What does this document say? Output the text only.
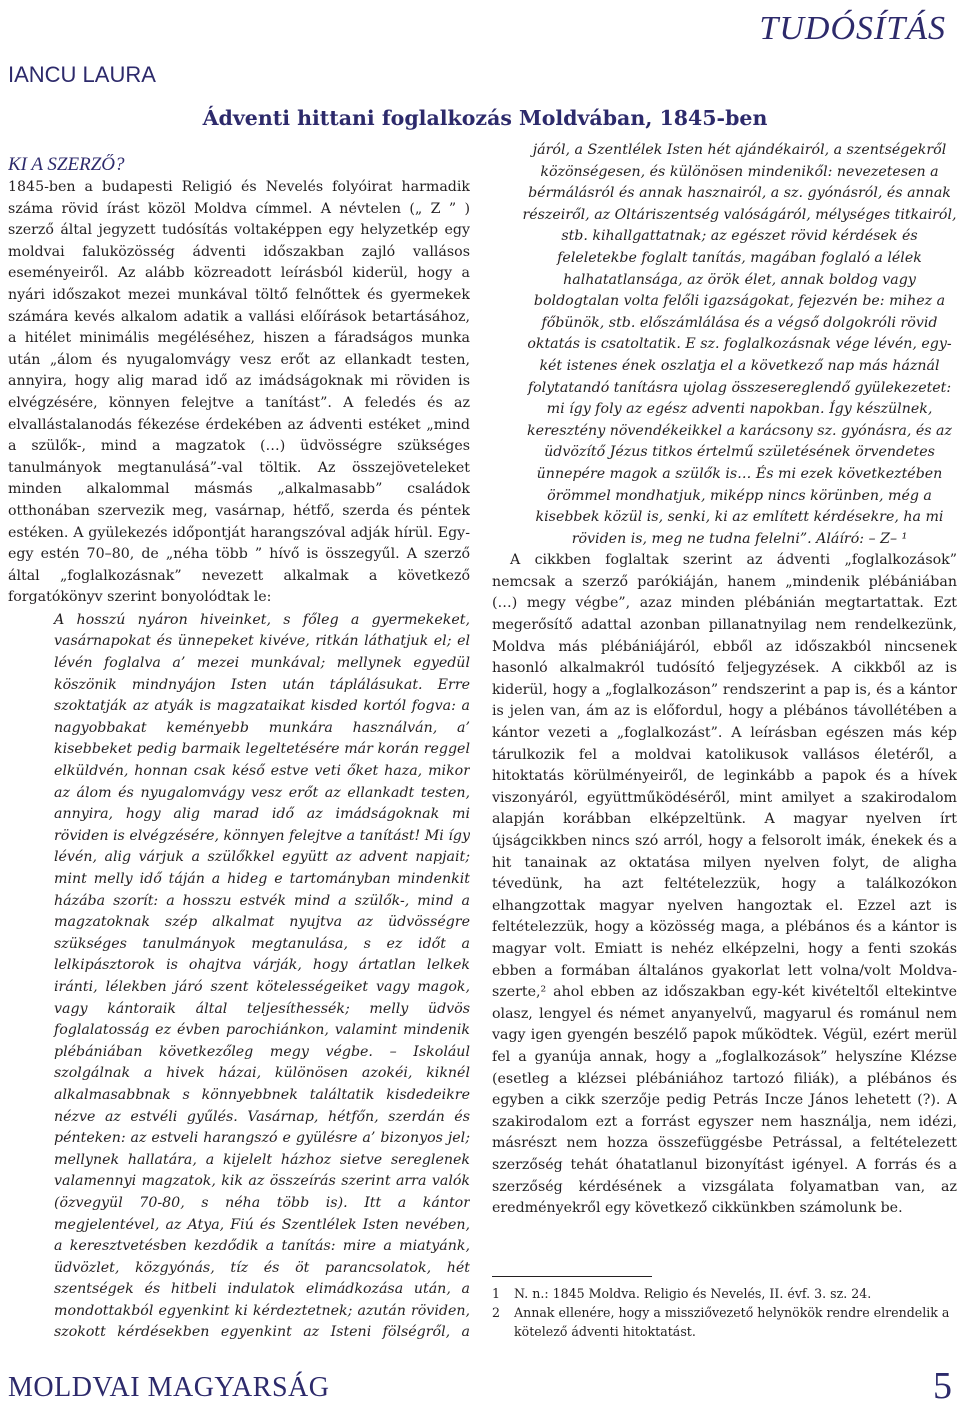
TUDÓSÍTÁS
IANCU LAURA
Ádventi hittani foglalkozás Moldvában, 1845-ben
KI A SZERZŐ?

1845-ben a budapesti Religió és Nevelés folyóirat harmadik száma rövid írást közöl Moldva címmel. A névtelen („ Z ” ) szerző által jegyzett tudósítás voltaképpen egy helyzetkép egy moldvai faluközösség ádventi időszakban zajló vallásos eseményeiről. Az alább közreadott leírásból kiderül, hogy a nyári időszakot mezei munkával töltő felnőttek és gyermekek számára kevés alkalom adatik a vallási előírások betartásához, a hitélet minimális megéléséhez, hiszen a fáradságos munka után „álom és nyugalomvágy vesz erőt az ellankadt testen, annyira, hogy alig marad idő az imádságoknak mi röviden is elvégzésére, könnyen felejtve a tanítást”. A feledés és az elvallástalanodás fékezése érdekében az ádventi estéket „mind a szülők-, mind a magzatok (…) üdvösségre szükséges tanulmányok megtanulásá”-val töltik. Az összejöveteleket minden alkalommal másmás „alkalmasabb” családok otthonában szervezik meg, vasárnap, hétfő, szerda és péntek estéken. A gyülekezés időpontját harangszóval adják hírül. Egy-egy estén 70–80, de „néha több ” hívő is összegyűl. A szerző által „foglalkozásnak” nevezett alkalmak a következő forgatókönyv szerint bonyolódtak le:

A hosszú nyáron hiveinket, s főleg a gyermekeket, vasárnapokat és ünnepeket kivéve, ritkán láthatjuk el; el lévén foglalva a’ mezei munkával; mellynek egyedül köszönik mindnyájon Isten után táplálásukat. Erre szoktatják az atyák is magzataikat kisded kortól fogva: a nagyobbakat keményebb munkára használván, a’ kisebbeket pedig barmaik legeltetésére már korán reggel elküldvén, honnan csak késő estve veti őket haza, mikor az álom és nyugalomvágy vesz erőt az ellankadt testen, annyira, hogy alig marad idő az imádságoknak mi röviden is elvégzésére, könnyen felejtve a tanítást! Mi így lévén, alig várjuk a szülőkkel együtt az advent napjait; mint melly idő táján a hideg e tartományban mindenkit házába szorít: a hosszu estvék mind a szülők-, mind a magzatoknak szép alkalmat nyujtva az üdvösségre szükséges tanulmányok megtanulása, s ez időt a lelkipásztorok is ohajtva várják, hogy ártatlan lelkek iránti, lélekben járó szent kötelességeiket vagy magok, vagy kántoraik által teljesíthessék; melly üdvös foglalatosság ez évben parochiánkon, valamint mindenik plébániában következőleg megy végbe. – Iskolául szolgálnak a hivek házai, különösen azokéi, kiknél alkalmasabbnak s könnyebbnek találtatik kisdedeikre nézve az estvéli gyűlés. Vasárnap, hétfőn, szerdán és pénteken: az estveli harangszó e gyülésre a’ bizonyos jel; mellynek hallatára, a kijelelt házhoz sietve sereglenek valamennyi magzatok, kik az összeírás szerint arra valók (özvegyül 70-80, s néha több is). Itt a kántor megjelentével, az Atya, Fiú és Szentlélek Isten nevében, a keresztvetésben kezdődik a tanítás: mire a miatyánk, üdvözlet, közgyónás, tíz és öt parancsolatok, hét szentségek és hitbeli indulatok elimádkozása után, a mondottakból egyenkint ki kérdeztetnek; azután röviden, szokott kérdésekben egyenkint az Isteni fölségről, a

járól, a Szentlélek Isten hét ajándékairól, a szentségekről közönségesen, és különösen mindenikől: nevezetesen a bérmálásról és annak hasznairól, a sz. gyónásról, és annak részeiről, az Oltáriszentség valóságáról, mélységes titkairól, stb. kihallgattatnak; az egészet rövid kérdések és feleletekbe foglalt tanítás, magában foglaló a lélek halhatatlansága, az örök élet, annak boldog vagy boldogtalan volta felőli igazságokat, fejezvén be: mihez a főbünök, stb. előszámlálása és a végső dolgokróli rövid oktatás is csatoltatik. E sz. foglalkozásnak vége lévén, egy-két istenes ének oszlatja el a következő nap más háznál folytatandó tanításra ujolag összesereglendő gyülekezetet: mi így foly az egész adventi napokban. Így készülnek, keresztény növendékeikkel a karácsony sz. gyónásra, és az üdvözítő Jézus titkos értelmű születésének örvendetes ünnepére magok a szülők is… És mi ezek következtében örömmel mondhatjuk, miképp nincs körünben, még a kisebbek közül is, senki, ki az említett kérdésekre, ha mi röviden is, meg ne tudna felelni”. Aláíró: – Z– ¹

A cikkben foglaltak szerint az ádventi „foglalkozások” nemcsak a szerző parókiáján, hanem „mindenik plébániában (…) megy végbe”, azaz minden plébánián megtartattak. Ezt megerősítő adattal azonban pillanatnyilag nem rendelkezünk, Moldva más plébániájáról, ebből az időszakból nincsenek hasonló alkalmakról tudósító feljegyzések. A cikkből az is kiderül, hogy a „foglalkozáson” rendszerint a pap is, és a kántor is jelen van, ám az is előfordul, hogy a plébános távollétében a kántor vezeti a „foglalkozást”. A leírásban egészen más kép tárulkozik fel a moldvai katolikusok vallásos életéről, a hitoktatás körülményeiről, de leginkább a papok és a hívek viszonyáról, együttműködéséről, mint amilyet a szakirodalom alapján korábban elképzeltünk. A magyar nyelven írt újságcikkben nincs szó arról, hogy a felsorolt imák, énekek és a hit tanainak az oktatása milyen nyelven folyt, de aligha tévedünk, ha azt feltételezzük, hogy a találkozókon elhangzottak magyar nyelven hangoztak el. Ezzel azt is feltételezzük, hogy a közösség maga, a plébános és a kántor is magyar volt. Emiatt is nehéz elképzelni, hogy a fenti szokás ebben a formában általános gyakorlat lett volna/volt Moldva-szerte,² ahol ebben az időszakban egy-két kivételtől eltekintve olasz, lengyel és német anyanyelvű, magyarul és románul nem vagy igen gyengén beszélő papok működtek. Végül, ezért merül fel a gyanúja annak, hogy a „foglalkozások” helyszíne Klézse (esetleg a klézsei plébániához tartozó filiák), a plébános és egyben a cikk szerzője pedig Petrás Incze János lehetett (?). A szakirodalom ezt a forrást egyszer nem használja, nem idézi, másrészt nem hozza összefüggésbe Petrással, a feltételezett szerzőség tehát óhatatlanul bizonyítást igényel. A forrás és a szerzőség kérdésének a vizsgálata folyamatban van, az eredményekről egy következő cikkünkben számolunk be.

1	N. n.: 1845 Moldva. Religio és Nevelés, II. évf. 3. sz. 24.
2	Annak ellenére, hogy a missziővezető helynökök rendre elrendelik a kötelező ádventi hitoktatást.
MOLDVAI MAGYARSÁG	5
